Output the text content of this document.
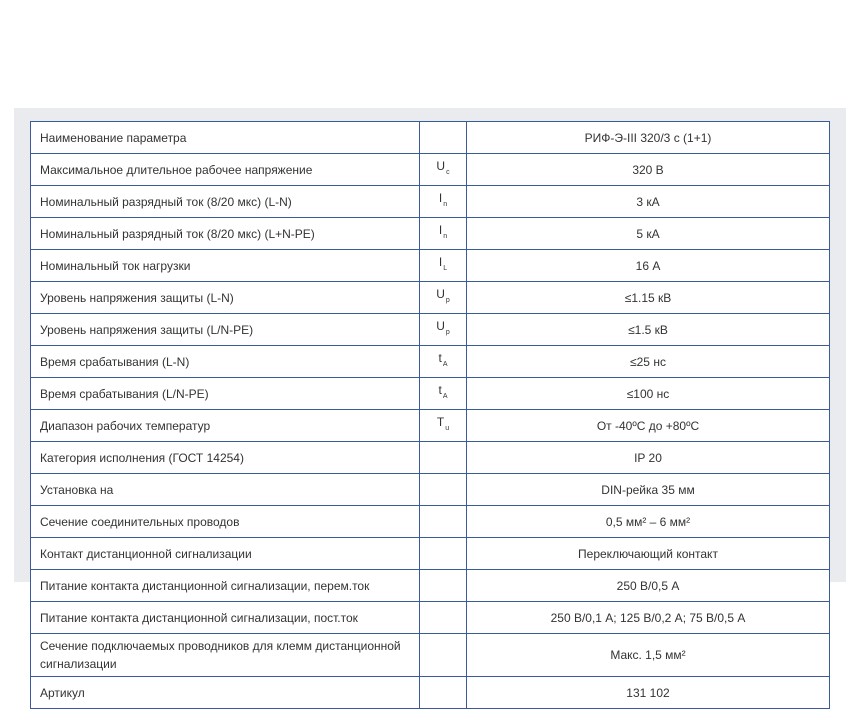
Наименование параметра		РИФ-Э-III 320/3 с (1+1)
Максимальное длительное рабочее напряжение	$U_c$	320 В
Номинальный разрядный ток (8/20 мкс) (L-N)	$I_n$	3 кА
Номинальный разрядный ток (8/20 мкс) (L+N-PE)	$I_n$	5 кА
Номинальный ток нагрузки	$I_L$	16 А
Уровень напряжения защиты (L-N)	$U_p$	≤1.15 кВ
Уровень напряжения защиты (L/N-PE)	$U_p$	≤1.5 кВ
Время срабатывания (L-N)	$t_A$	≤25 нс
Время срабатывания (L/N-PE)	$t_A$	≤100 нс
Диапазон рабочих температур	$T_u$	От -40ºC до +80ºC
Категория исполнения (ГОСТ 14254)		IP 20
Установка на		DIN-рейка 35 мм
Сечение соединительных проводов		0,5 мм² – 6 мм²
Контакт дистанционной сигнализации		Переключающий контакт
Питание контакта дистанционной сигнализации, перем.ток		250 В/0,5 А
Питание контакта дистанционной сигнализации, пост.ток		250 В/0,1 А; 125 В/0,2 А; 75 В/0,5 А
Сечение подключаемых проводников для клемм дистанционной сигнализации		Макс. 1,5 мм²
Артикул		131 102
